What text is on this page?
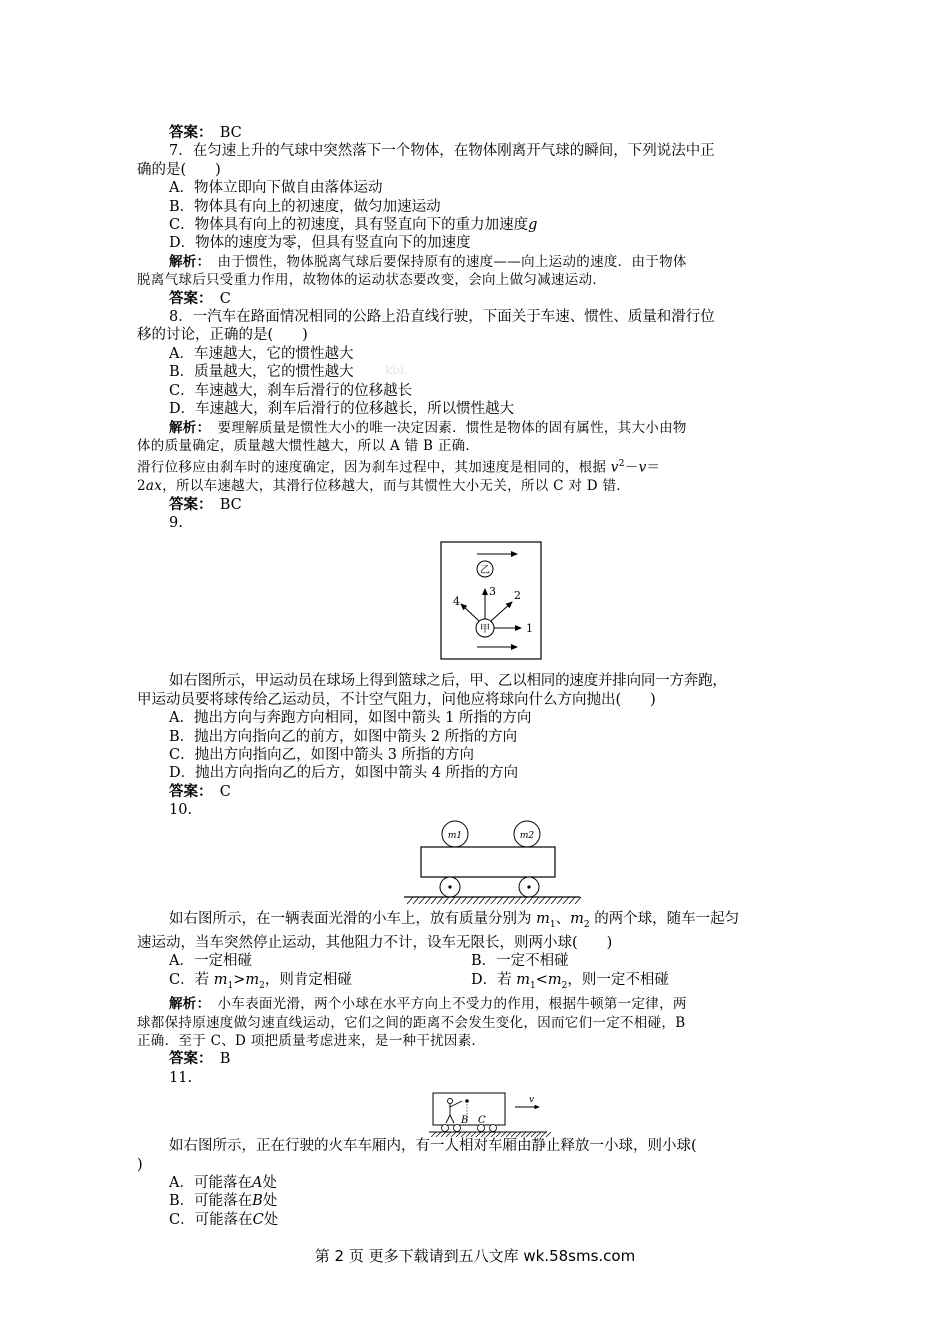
答案：　 BC
7．在匀速上升的气球中突然落下一个物体，在物体刚离开气球的瞬间，下列说法中正
确的是(　　)
A．物体立即向下做自由落体运动
B．物体具有向上的初速度，做匀加速运动
C．物体具有向上的初速度，具有竖直向下的重力加速度g
D．物体的速度为零，但具有竖直向下的加速度
解析：　 由于惯性，物体脱离气球后要保持原有的速度——向上运动的速度．由于物体
脱离气球后只受重力作用，故物体的运动状态要改变，会向上做匀减速运动．
答案：　 C
8．一汽车在路面情况相同的公路上沿直线行驶，下面关于车速、惯性、质量和滑行位
移的讨论，正确的是(　　)
A．车速越大，它的惯性越大
B．质量越大，它的惯性越大	kbl.
C．车速越大，刹车后滑行的位移越长
D．车速越大，刹车后滑行的位移越长，所以惯性越大
解析：　 要理解质量是惯性大小的唯一决定因素．惯性是物体的固有属性，其大小由物
体的质量确定，质量越大惯性越大，所以 A 错 B 正确．
滑行位移应由刹车时的速度确定，因为刹车过程中，其加速度是相同的，根据 $v^2-v=$
2ax，所以车速越大，其滑行位移越大，而与其惯性大小无关，所以 C 对 D 错．
答案：　 BC
9.
乙
甲	1
2
3
4
如右图所示，甲运动员在球场上得到篮球之后，甲、乙以相同的速度并排向同一方奔跑，
甲运动员要将球传给乙运动员，不计空气阻力，问他应将球向什么方向抛出(　　)
A．抛出方向与奔跑方向相同，如图中箭头 1 所指的方向
B．抛出方向指向乙的前方，如图中箭头 2 所指的方向
C．抛出方向指向乙，如图中箭头 3 所指的方向
D．抛出方向指向乙的后方，如图中箭头 4 所指的方向
答案：　 C
10.
m1	m2
如右图所示，在一辆表面光滑的小车上，放有质量分别为 $m_1$、$m_2$ 的两个球，随车一起匀
速运动，当车突然停止运动，其他阻力不计，设车无限长，则两小球(　　)
A．一定相碰	B．一定不相碰
C．若 $m_1>m_2$，则肯定相碰	D．若 $m_1<m_2$，则一定不相碰
解析：　 小车表面光滑，两个小球在水平方向上不受力的作用，根据牛顿第一定律，两
球都保持原速度做匀速直线运动，它们之间的距离不会发生变化，因而它们一定不相碰，B
正确．至于 C、D 项把质量考虑进来，是一种干扰因素．
答案：　 B
11.
B C
v
如右图所示，正在行驶的火车车厢内，有一人相对车厢由静止释放一小球，则小球(
)
A．可能落在A处
B．可能落在B处
C．可能落在C处
第 2 页 更多下载请到五八文库 wk.58sms.com
